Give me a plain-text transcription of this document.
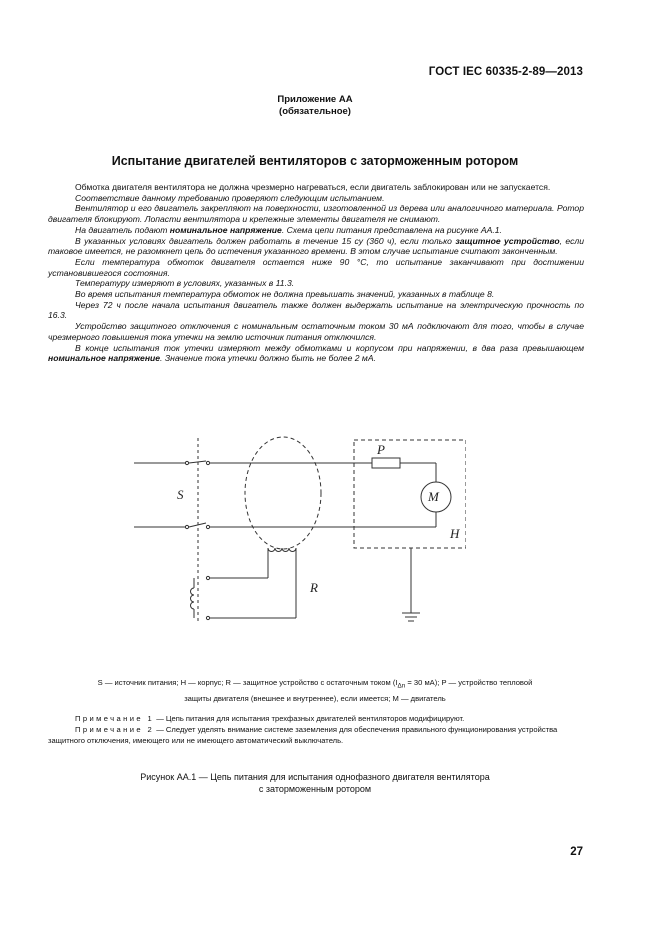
ГОСТ IEC 60335-2-89—2013
Приложение АА
(обязательное)
Испытание двигателей вентиляторов с заторможенным ротором

Обмотка двигателя вентилятора не должна чрезмерно нагреваться, если двигатель заблокирован или не запускается.

Соответствие данному требованию проверяют следующим испытанием.

Вентилятор и его двигатель закрепляют на поверхности, изготовленной из дерева или аналогичного материала. Ротор двигателя блокируют. Лопасти вентилятора и крепежные элементы двигателя не снимают.

На двигатель подают номинальное напряжение. Схема цепи питания представлена на рисунке АА.1.

В указанных условиях двигатель должен работать в течение 15 су (360 ч), если только защитное устройство, если таковое имеется, не разомкнет цепь до истечения указанного времени. В этом случае испытание считают законченным.

Если температура обмоток двигателя остается ниже 90 °С, то испытание заканчивают при достижении установившегося состояния.

Температуру измеряют в условиях, указанных в 11.3.

Во время испытания температура обмоток не должна превышать значений, указанных в таблице 8.

Через 72 ч после начала испытания двигатель также должен выдержать испытание на электрическую прочность по 16.3.

Устройство защитного отключения с номинальным остаточным током 30 мА подключают для того, чтобы в случае чрезмерного повышения тока утечки на землю источник питания отключился.

В конце испытания ток утечки измеряют между обмотками и корпусом при напряжении, в два раза превышающем номинальное напряжение. Значение тока утечки должно быть не более 2 мА.

S
P
M
H
R
S — источник питания; H — корпус; R — защитное устройство с остаточным током ($I_{\Delta n} = 30$ мА); P — устройство тепловой
защиты двигателя (внешнее и внутреннее), если имеется; M — двигатель

Примечание 1 — Цепь питания для испытания трехфазных двигателей вентиляторов модифицируют.

Примечание 2 — Следует уделять внимание системе заземления для обеспечения правильного функционирования устройства защитного отключения, имеющего или не имеющего автоматический выключатель.

Рисунок АА.1 — Цепь питания для испытания однофазного двигателя вентилятора
с заторможенным ротором
27
